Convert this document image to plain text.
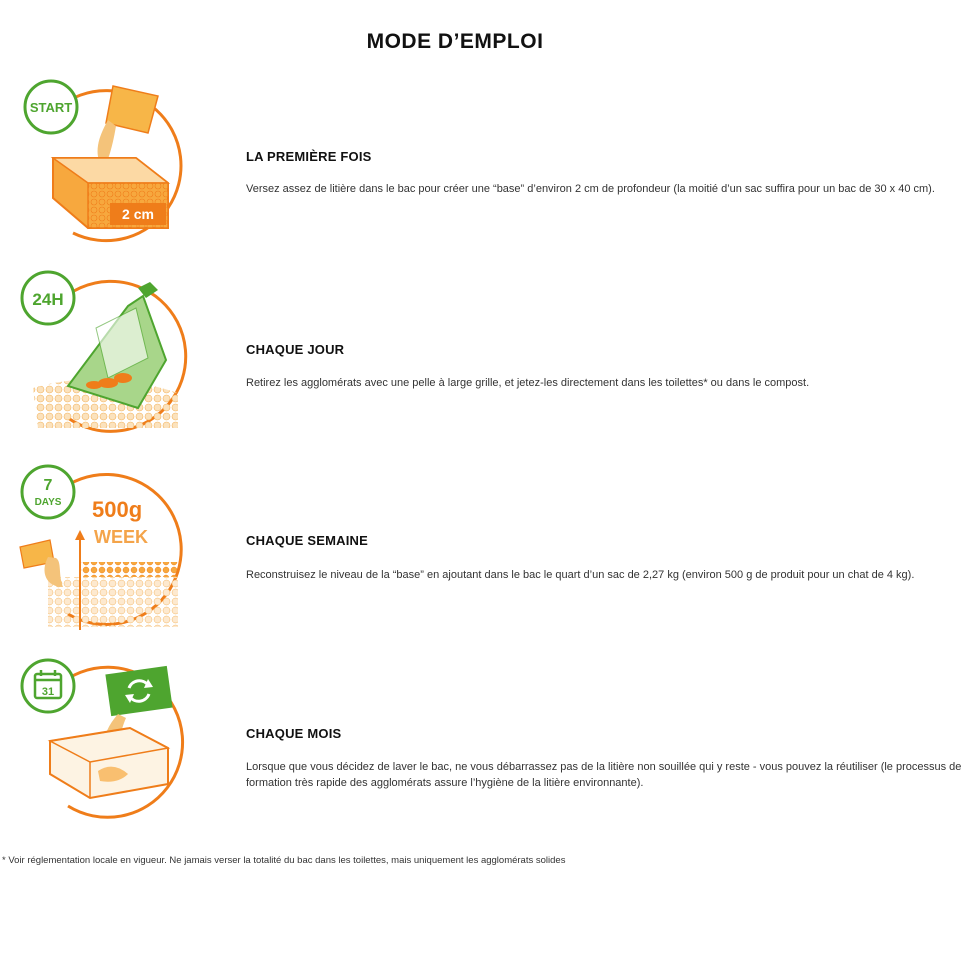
MODE D’EMPLOI
START
2 cm
LA PREMIÈRE FOIS
Versez assez de litière dans le bac pour créer une “base” d’environ 2 cm de profondeur (la moitié d’un sac suffira pour un bac de 30 x 40 cm).
24H
CHAQUE JOUR
Retirez les agglomérats avec une pelle à large grille, et jetez-les directement dans les toilettes* ou dans le compost.
7
DAYS 500g
WEEK	CHAQUE SEMAINE
Reconstruisez le niveau de la “base” en ajoutant dans le bac le quart d’un sac de 2,27 kg (environ 500 g de produit pour un chat de 4 kg).
31
CHAQUE MOIS
Lorsque que vous décidez de laver le bac, ne vous débarrassez pas de la litière non souillée qui y reste - vous pouvez la réutiliser (le processus de formation très rapide des agglomérats assure l’hygiène de la litière environnante).
* Voir réglementation locale en vigueur. Ne jamais verser la totalité du bac dans les toilettes, mais uniquement les agglomérats solides
